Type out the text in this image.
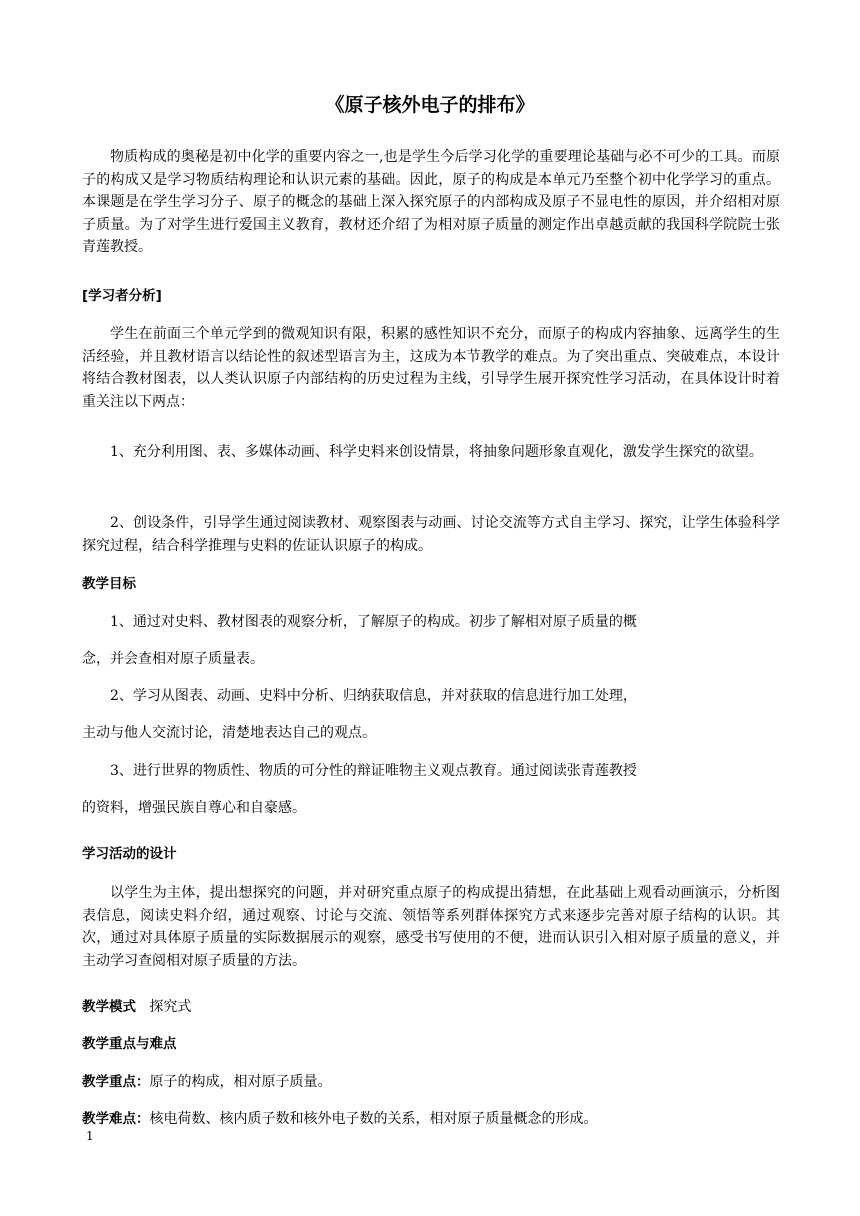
《原子核外电子的排布》

物质构成的奥秘是初中化学的重要内容之一,也是学生今后学习化学的重要理论基础与必不可少的工具。而原子的构成又是学习物质结构理论和认识元素的基础。因此，原子的构成是本单元乃至整个初中化学学习的重点。本课题是在学生学习分子、原子的概念的基础上深入探究原子的内部构成及原子不显电性的原因，并介绍相对原子质量。为了对学生进行爱国主义教育，教材还介绍了为相对原子质量的测定作出卓越贡献的我国科学院院士张青莲教授。

[学习者分析]

学生在前面三个单元学到的微观知识有限，积累的感性知识不充分，而原子的构成内容抽象、远离学生的生活经验，并且教材语言以结论性的叙述型语言为主，这成为本节教学的难点。为了突出重点、突破难点，本设计将结合教材图表，以人类认识原子内部结构的历史过程为主线，引导学生展开探究性学习活动，在具体设计时着重关注以下两点：

1、充分利用图、表、多媒体动画、科学史料来创设情景，将抽象问题形象直观化，激发学生探究的欲望。

2、创设条件，引导学生通过阅读教材、观察图表与动画、讨论交流等方式自主学习、探究，让学生体验科学探究过程，结合科学推理与史料的佐证认识原子的构成。

教学目标

1、通过对史料、教材图表的观察分析，了解原子的构成。初步了解相对原子质量的概

念，并会查相对原子质量表。

2、学习从图表、动画、史料中分析、归纳获取信息，并对获取的信息进行加工处理，

主动与他人交流讨论，清楚地表达自己的观点。

3、进行世界的物质性、物质的可分性的辩证唯物主义观点教育。通过阅读张青莲教授

的资料，增强民族自尊心和自豪感。

学习活动的设计

以学生为主体，提出想探究的问题，并对研究重点原子的构成提出猜想，在此基础上观看动画演示，分析图表信息，阅读史料介绍，通过观察、讨论与交流、领悟等系列群体探究方式来逐步完善对原子结构的认识。其次，通过对具体原子质量的实际数据展示的观察，感受书写使用的不便，进而认识引入相对原子质量的意义，并主动学习查阅相对原子质量的方法。

教学模式 探究式

教学重点与难点

教学重点：原子的构成，相对原子质量。

教学难点：核电荷数、核内质子数和核外电子数的关系，相对原子质量概念的形成。

1
